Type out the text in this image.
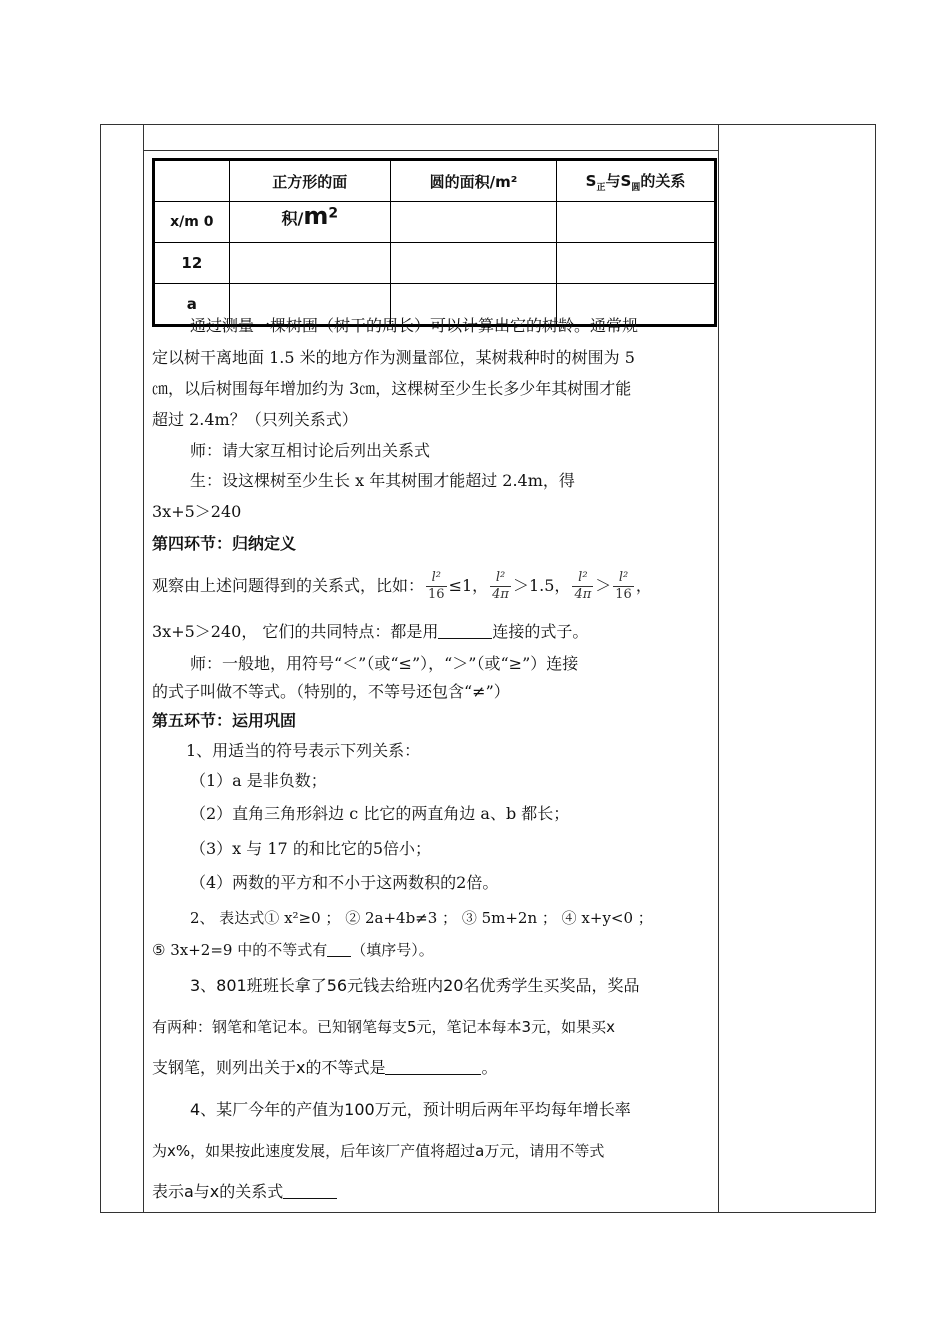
	正方形的面	圆的面积/m²	$S_正$与$S_圆$的关系
x/m 0	积$/m^2$		
12			
a			
通过测量一棵树围（树干的周长）可以计算出它的树龄。通常规
定以树干离地面 1.5 米的地方作为测量部位，某树栽种时的树围为 5
㎝，以后树围每年增加约为 3㎝，这棵树至少生长多少年其树围才能
超过 2.4m？（只列关系式）
师：请大家互相讨论后列出关系式
生：设这棵树至少生长 x 年其树围才能超过 2.4m，得
3x+5＞240
第四环节：归纳定义
观察由上述问题得到的关系式，比如： $\frac{\text{l²}}{16} \le 1$， $\frac{\text{l²}}{4\pi} >1.5$， $\frac{\text{l²}}{4\pi} > \frac{\text{l²}}{16}$ ，
3x+5＞240， 它们的共同特点：都是用	连接的式子。
师：一般地，用符号“＜”（或“≤”），“＞”（或“≥”）连接
的式子叫做不等式。（特别的，不等号还包含“≠”）
第五环节：运用巩固
1、用适当的符号表示下列关系：
（1）a 是非负数；
（2）直角三角形斜边 c 比它的两直角边 a、b 都长；
（3）x 与 17 的和比它的5倍小；
（4）两数的平方和不小于这两数积的2倍。
2、 表达式① x²≥0 ； ② 2a+4b≠3 ； ③ 5m+2n ； ④ x+y<0 ；
⑤ 3x+2=9 中的不等式有 （填序号）。
3、801班班长拿了56元钱去给班内20名优秀学生买奖品，奖品
有两种：钢笔和笔记本。已知钢笔每支5元，笔记本每本3元，如果买x
支钢笔，则列出关于x的不等式是	。
4、某厂今年的产值为100万元，预计明后两年平均每年增长率
为x%，如果按此速度发展，后年该厂产值将超过a万元，请用不等式
表示a与x的关系式
